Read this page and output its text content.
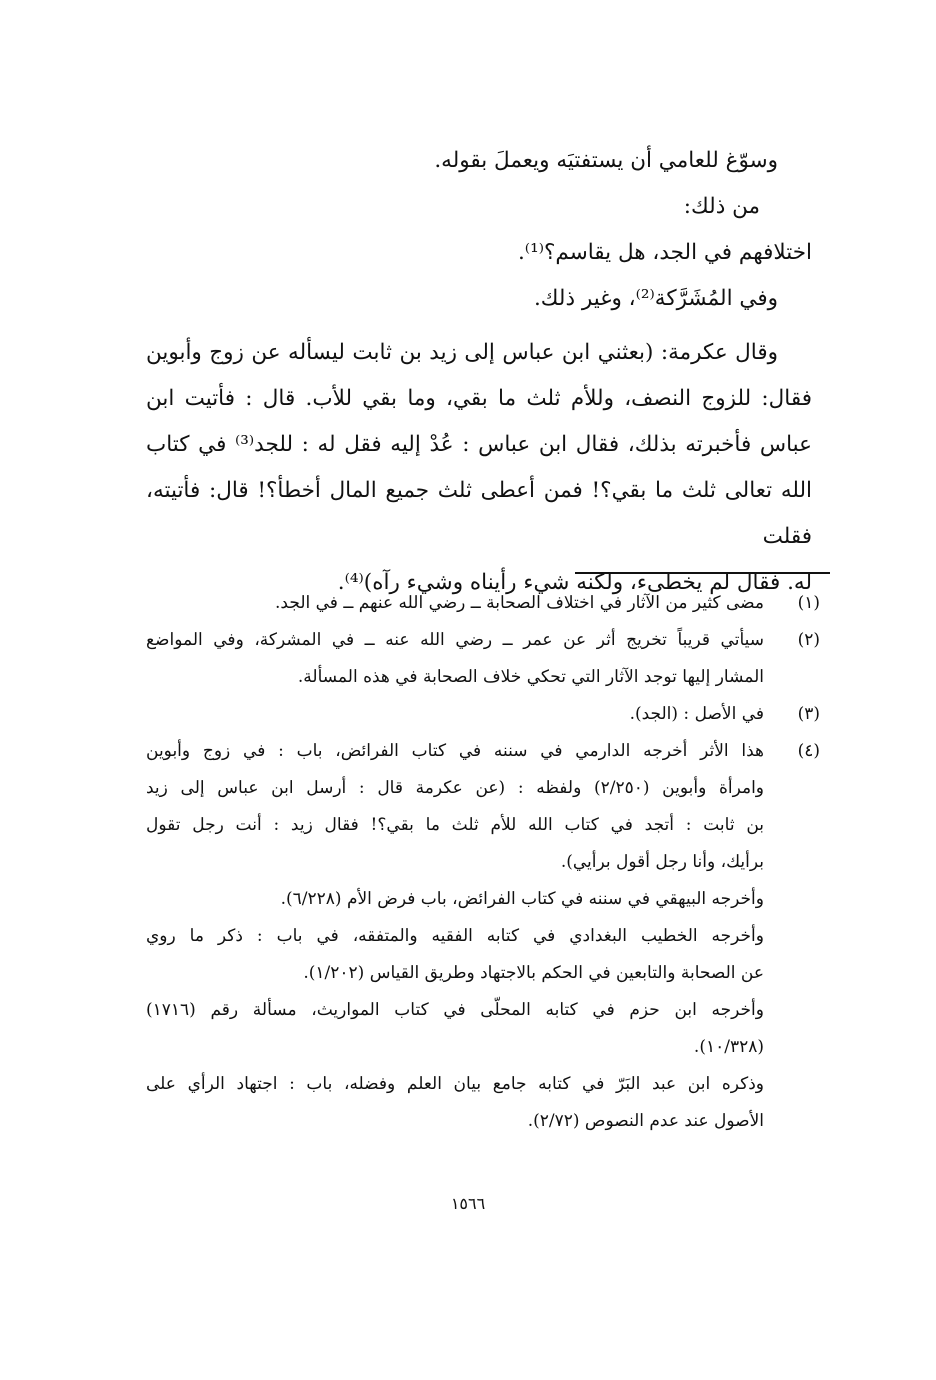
وسوّغ للعامي أن يستفتيَه ويعملَ بقوله.
من ذلك:
اختلافهم في الجد، هل يقاسم؟⁽¹⁾.
وفي المُشَرَّكة⁽²⁾، وغير ذلك.
وقال عكرمة: (بعثني ابن عباس إلى زيد بن ثابت ليسأله عن زوج وأبوين
فقال: للزوج النصف، وللأم ثلث ما بقي، وما بقي للأب. قال : فأتيت ابن
عباس فأخبرته بذلك، فقال ابن عباس : عُدْ إليه فقل له : للجد⁽³⁾ في كتاب
الله تعالى ثلث ما بقي؟! فمن أعطى ثلث جميع المال أخطأ؟! قال: فأتيته، فقلت
له. فقال لم يخطىء، ولكنه شيء رأيناه وشيء رآه)⁽⁴⁾.
(١)
مضى كثير من الآثار في اختلاف الصحابة ــ رضي الله عنهم ــ في الجد.
(٢)
سيأتي قريباً تخريج أثر عن عمر ــ رضي الله عنه ــ في المشركة، وفي المواضع
المشار إليها توجد الآثار التي تحكي خلاف الصحابة في هذه المسألة.
(٣)
في الأصل : (الجد).
(٤)
هذا الأثر أخرجه الدارمي في سننه في كتاب الفرائض، باب : في زوج وأبوين
وامرأة وأبوين (٢/٢٥٠) ولفظه : (عن عكرمة قال : أرسل ابن عباس إلى زيد
بن ثابت : أتجد في كتاب الله للأم ثلث ما بقي؟! فقال زيد : أنت رجل تقول
برأيك، وأنا رجل أقول برأيي).
وأخرجه البيهقي في سننه في كتاب الفرائض، باب فرض الأم (٦/٢٢٨).
وأخرجه الخطيب البغدادي في كتابه الفقيه والمتفقه، في باب : ذكر ما روي
عن الصحابة والتابعين في الحكم بالاجتهاد وطريق القياس (١/٢٠٢).
وأخرجه ابن حزم في كتابه المحلّى في كتاب المواريث، مسألة رقم (١٧١٦)
(١٠/٣٢٨).
وذكره ابن عبد البَرّ في كتابه جامع بيان العلم وفضله، باب : اجتهاد الرأي على
الأصول عند عدم النصوص (٢/٧٢).
١٥٦٦
